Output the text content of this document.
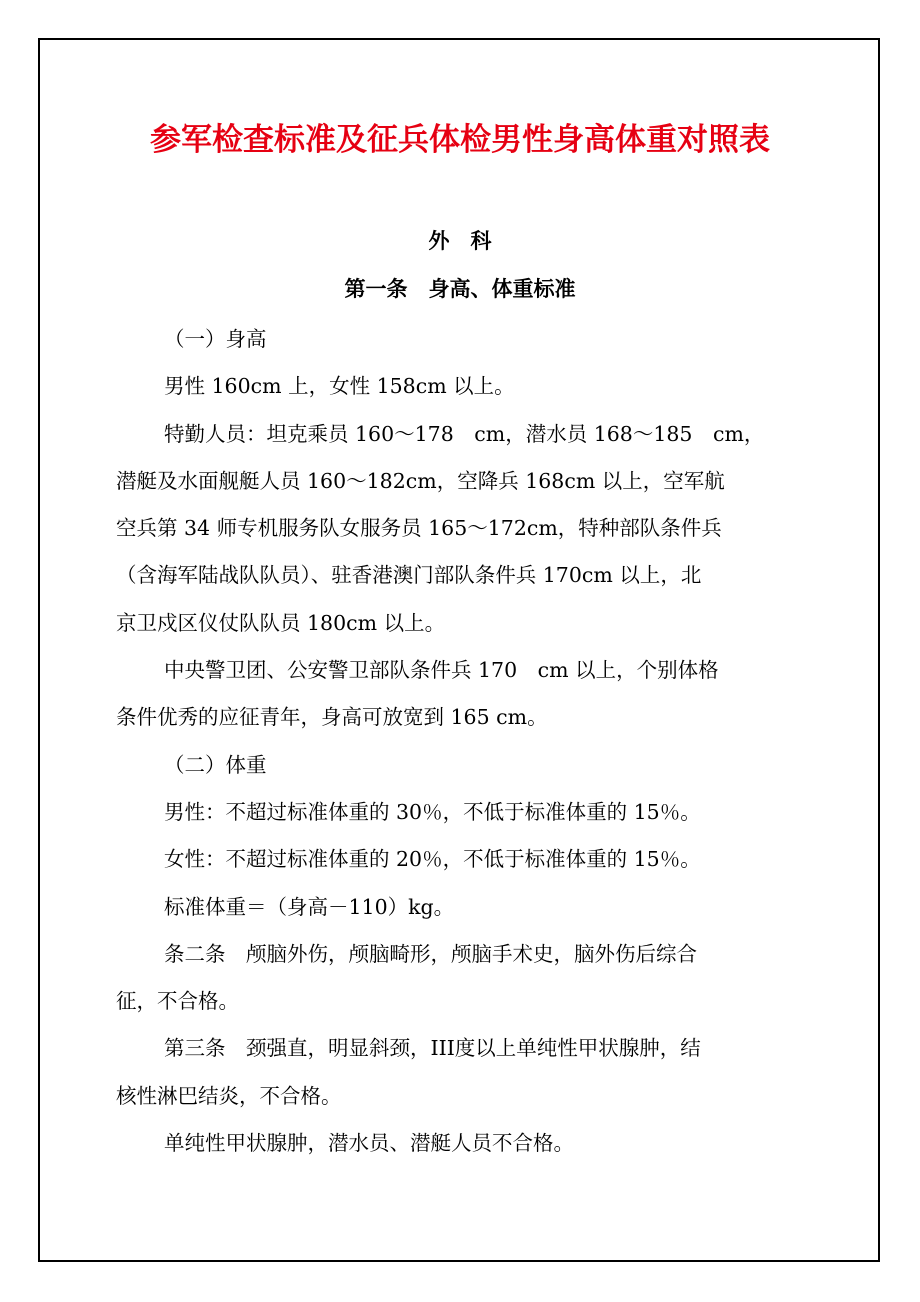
参军检查标准及征兵体检男性身高体重对照表
外　科
第一条　身高、体重标准
（一）身高
男性 160cm 上，女性 158cm 以上。
特勤人员：坦克乘员 160～178　cm，潜水员 168～185　cm，
潜艇及水面舰艇人员 160～182cm，空降兵 168cm 以上，空军航
空兵第 34 师专机服务队女服务员 165～172cm，特种部队条件兵
（含海军陆战队队员）、驻香港澳门部队条件兵 170cm 以上，北
京卫戍区仪仗队队员 180cm 以上。
中央警卫团、公安警卫部队条件兵 170　cm 以上，个别体格
条件优秀的应征青年，身高可放宽到 165 cm。
（二）体重
男性：不超过标准体重的 30％，不低于标准体重的 15％。
女性：不超过标准体重的 20％，不低于标准体重的 15％。
标准体重＝（身高－110）kg。
条二条　颅脑外伤，颅脑畸形，颅脑手术史，脑外伤后综合
征，不合格。
第三条　颈强直，明显斜颈，III度以上单纯性甲状腺肿，结
核性淋巴结炎，不合格。
单纯性甲状腺肿，潜水员、潜艇人员不合格。
